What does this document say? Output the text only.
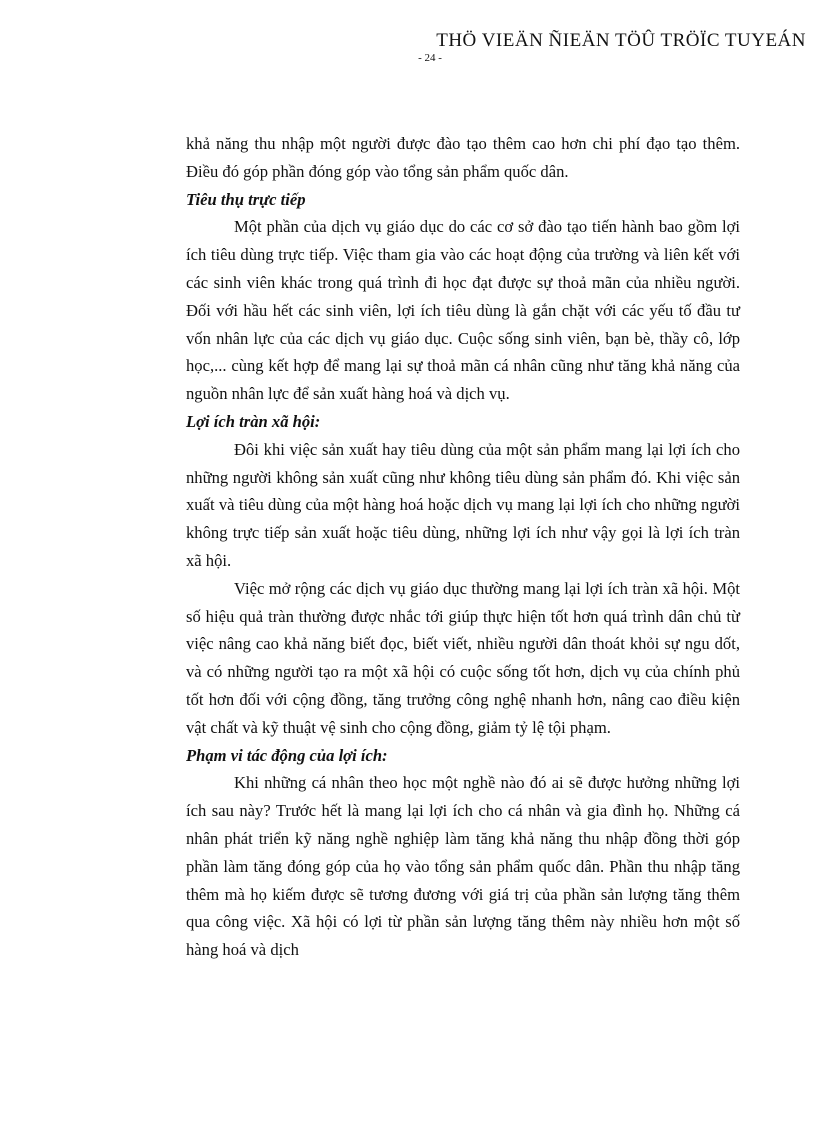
THÖ VIEÄN ÑIEÄN TÖÛ TRÖÏC TUYEÁN
- 24 -

khả năng thu nhập một người được đào tạo thêm cao hơn chi phí đạo tạo thêm. Điều đó góp phần đóng góp vào tổng sản phẩm quốc dân.

Tiêu thụ trực tiếp

Một phần của dịch vụ giáo dục do các cơ sở đào tạo tiến hành bao gồm lợi ích tiêu dùng trực tiếp. Việc tham gia vào các hoạt động của trường và liên kết với các sinh viên khác trong quá trình đi học đạt được sự thoả mãn của nhiều người. Đối với hầu hết các sinh viên, lợi ích tiêu dùng là gắn chặt với các yếu tố đầu tư vốn nhân lực của các dịch vụ giáo dục. Cuộc sống sinh viên, bạn bè, thầy cô, lớp học,... cùng kết hợp để mang lại sự thoả mãn cá nhân cũng như tăng khả năng của nguồn nhân lực để sản xuất hàng hoá và dịch vụ.

Lợi ích tràn xã hội:

Đôi khi việc sản xuất hay tiêu dùng của một sản phẩm mang lại lợi ích cho những người không sản xuất cũng như không tiêu dùng sản phẩm đó. Khi việc sản xuất và tiêu dùng của một hàng hoá hoặc dịch vụ mang lại lợi ích cho những người không trực tiếp sản xuất hoặc tiêu dùng, những lợi ích như vậy gọi là lợi ích tràn xã hội.

Việc mở rộng các dịch vụ giáo dục thường mang lại lợi ích tràn xã hội. Một số hiệu quả tràn thường được nhắc tới giúp thực hiện tốt hơn quá trình dân chủ từ việc nâng cao khả năng biết đọc, biết viết, nhiều người dân thoát khỏi sự ngu dốt, và có những người tạo ra một xã hội có cuộc sống tốt hơn, dịch vụ của chính phủ tốt hơn đối với cộng đồng, tăng trưởng công nghệ nhanh hơn, nâng cao điều kiện vật chất và kỹ thuật vệ sinh cho cộng đồng, giảm tỷ lệ tội phạm.

Phạm vi tác động của lợi ích:

Khi những cá nhân theo học một nghề nào đó ai sẽ được hưởng những lợi ích sau này? Trước hết là mang lại lợi ích cho cá nhân và gia đình họ. Những cá nhân phát triển kỹ năng nghề nghiệp làm tăng khả năng thu nhập đồng thời góp phần làm tăng đóng góp của họ vào tổng sản phẩm quốc dân. Phần thu nhập tăng thêm mà họ kiếm được sẽ tương đương với giá trị của phần sản lượng tăng thêm qua công việc. Xã hội có lợi từ phần sản lượng tăng thêm này nhiều hơn một số hàng hoá và dịch
